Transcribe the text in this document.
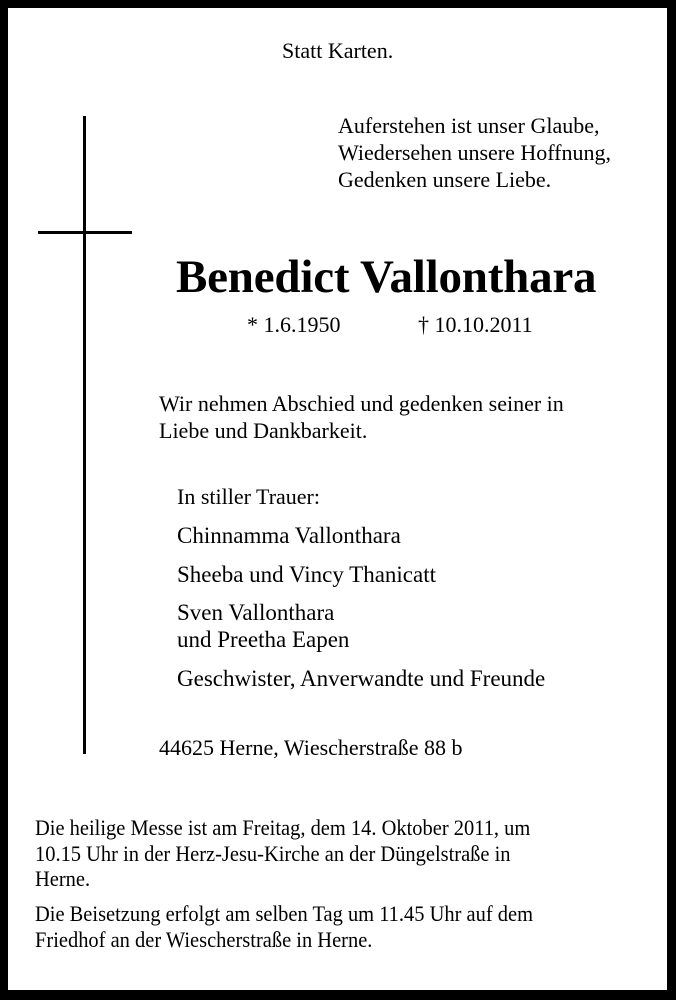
Statt Karten.

Auferstehen ist unser Glaube,

Wiedersehen unsere Hoffnung,

Gedenken unsere Liebe.

Benedict Vallonthara

* 1.6.1950	† 10.10.2011

Wir nehmen Abschied und gedenken seiner in

Liebe und Dankbarkeit.

In stiller Trauer:

Chinnamma Vallonthara

Sheeba und Vincy Thanicatt

Sven Vallonthara

und Preetha Eapen

Geschwister, Anverwandte und Freunde

44625 Herne, Wiescherstraße 88 b

Die heilige Messe ist am Freitag, dem 14. Oktober 2011, um

10.15 Uhr in der Herz-Jesu-Kirche an der Düngelstraße in

Herne.

Die Beisetzung erfolgt am selben Tag um 11.45 Uhr auf dem

Friedhof an der Wiescherstraße in Herne.
